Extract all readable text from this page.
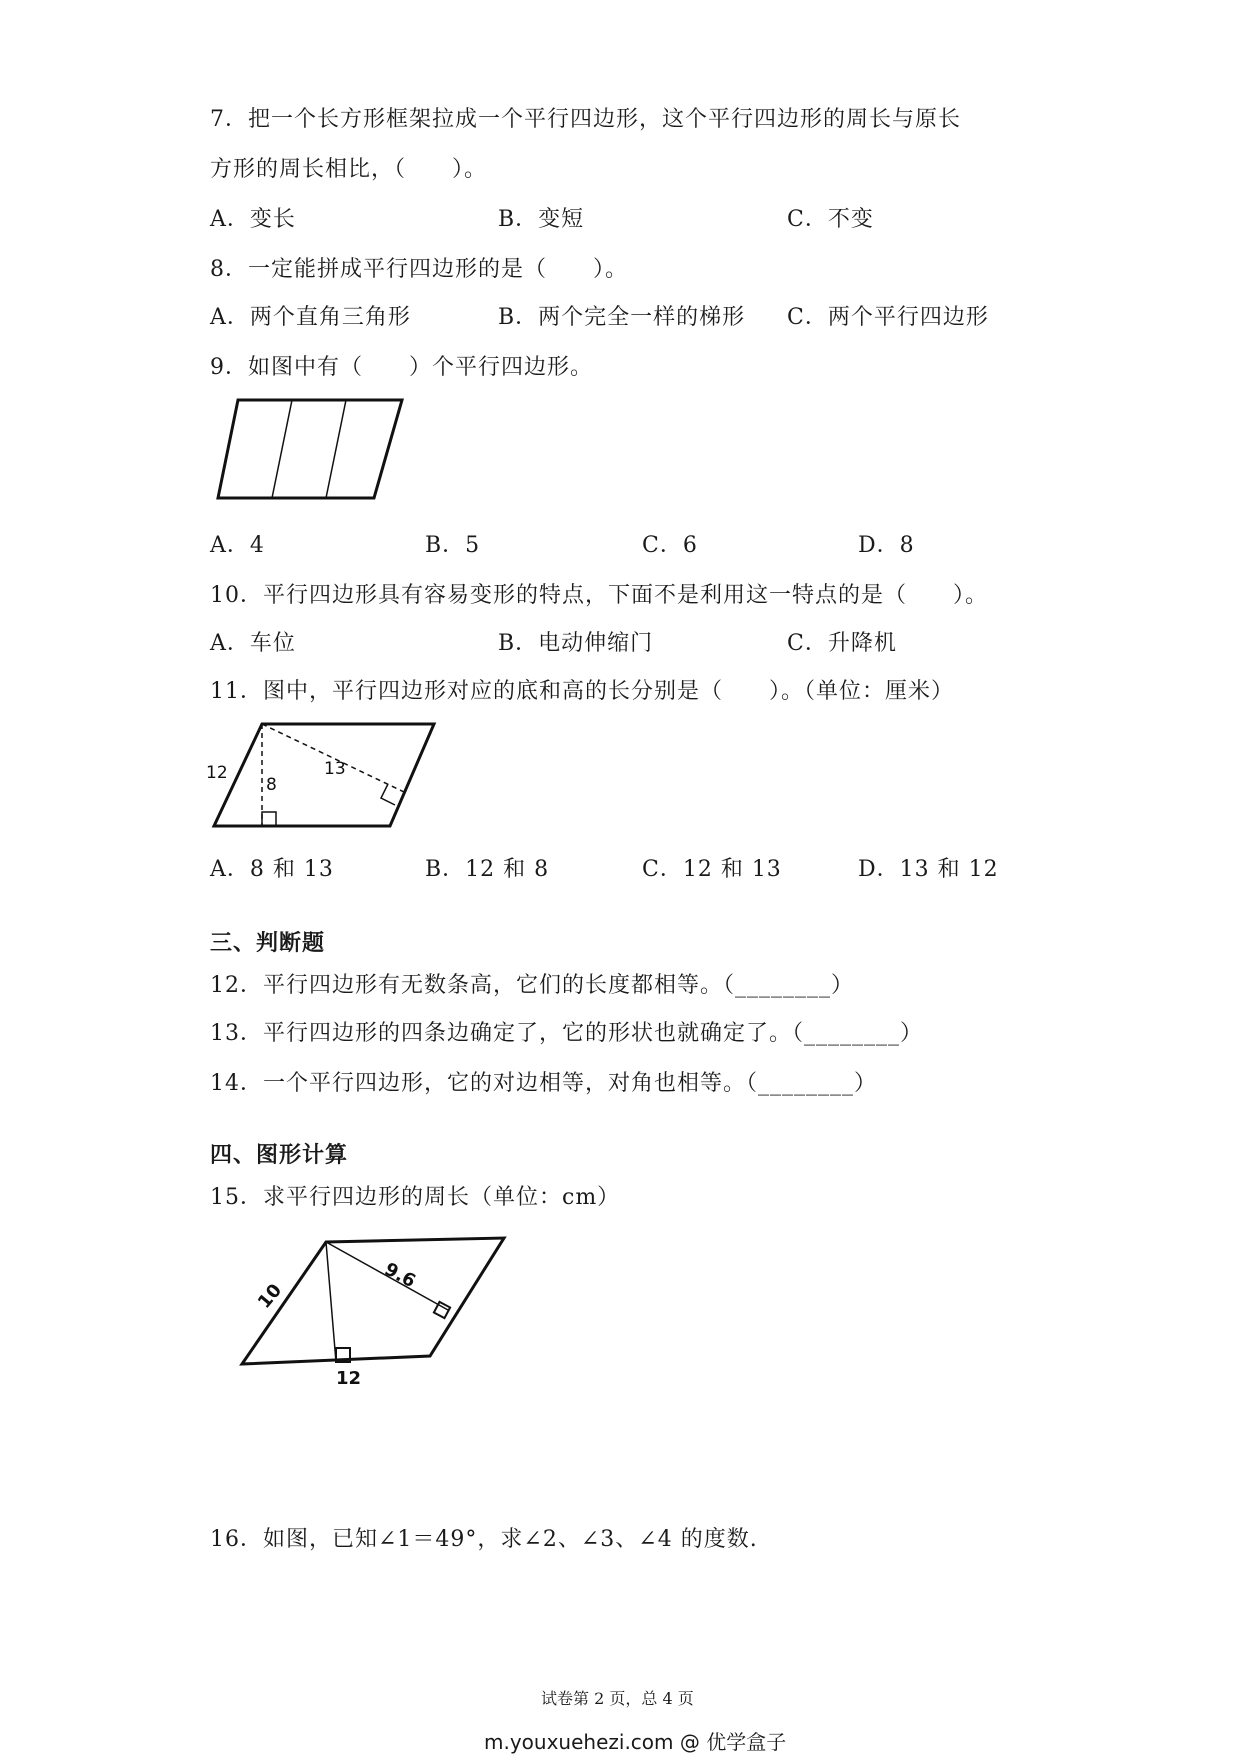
7．把一个长方形框架拉成一个平行四边形，这个平行四边形的周长与原长
方形的周长相比，（　　）。
A．变长	B．变短	C．不变
8．一定能拼成平行四边形的是（　　）。
A．两个直角三角形	B．两个完全一样的梯形 C．两个平行四边形
9．如图中有（　　）个平行四边形。
A．4	B．5	C．6	D．8
10．平行四边形具有容易变形的特点，下面不是利用这一特点的是（　　）。
A．车位	B．电动伸缩门	C．升降机
11．图中，平行四边形对应的底和高的长分别是（　　）。（单位：厘米）
12
8
13
A．8 和 13	B．12 和 8	C．12 和 13	D．13 和 12
三、判断题
12．平行四边形有无数条高，它们的长度都相等。（________）
13．平行四边形的四条边确定了，它的形状也就确定了。（________）
14．一个平行四边形，它的对边相等，对角也相等。（________）
四、图形计算
15．求平行四边形的周长（单位：cm）
10
9.6
12
16．如图，已知∠1＝49°，求∠2、∠3、∠4 的度数.
试卷第 2 页，总 4 页
m.youxuehezi.com @ 优学盒子
